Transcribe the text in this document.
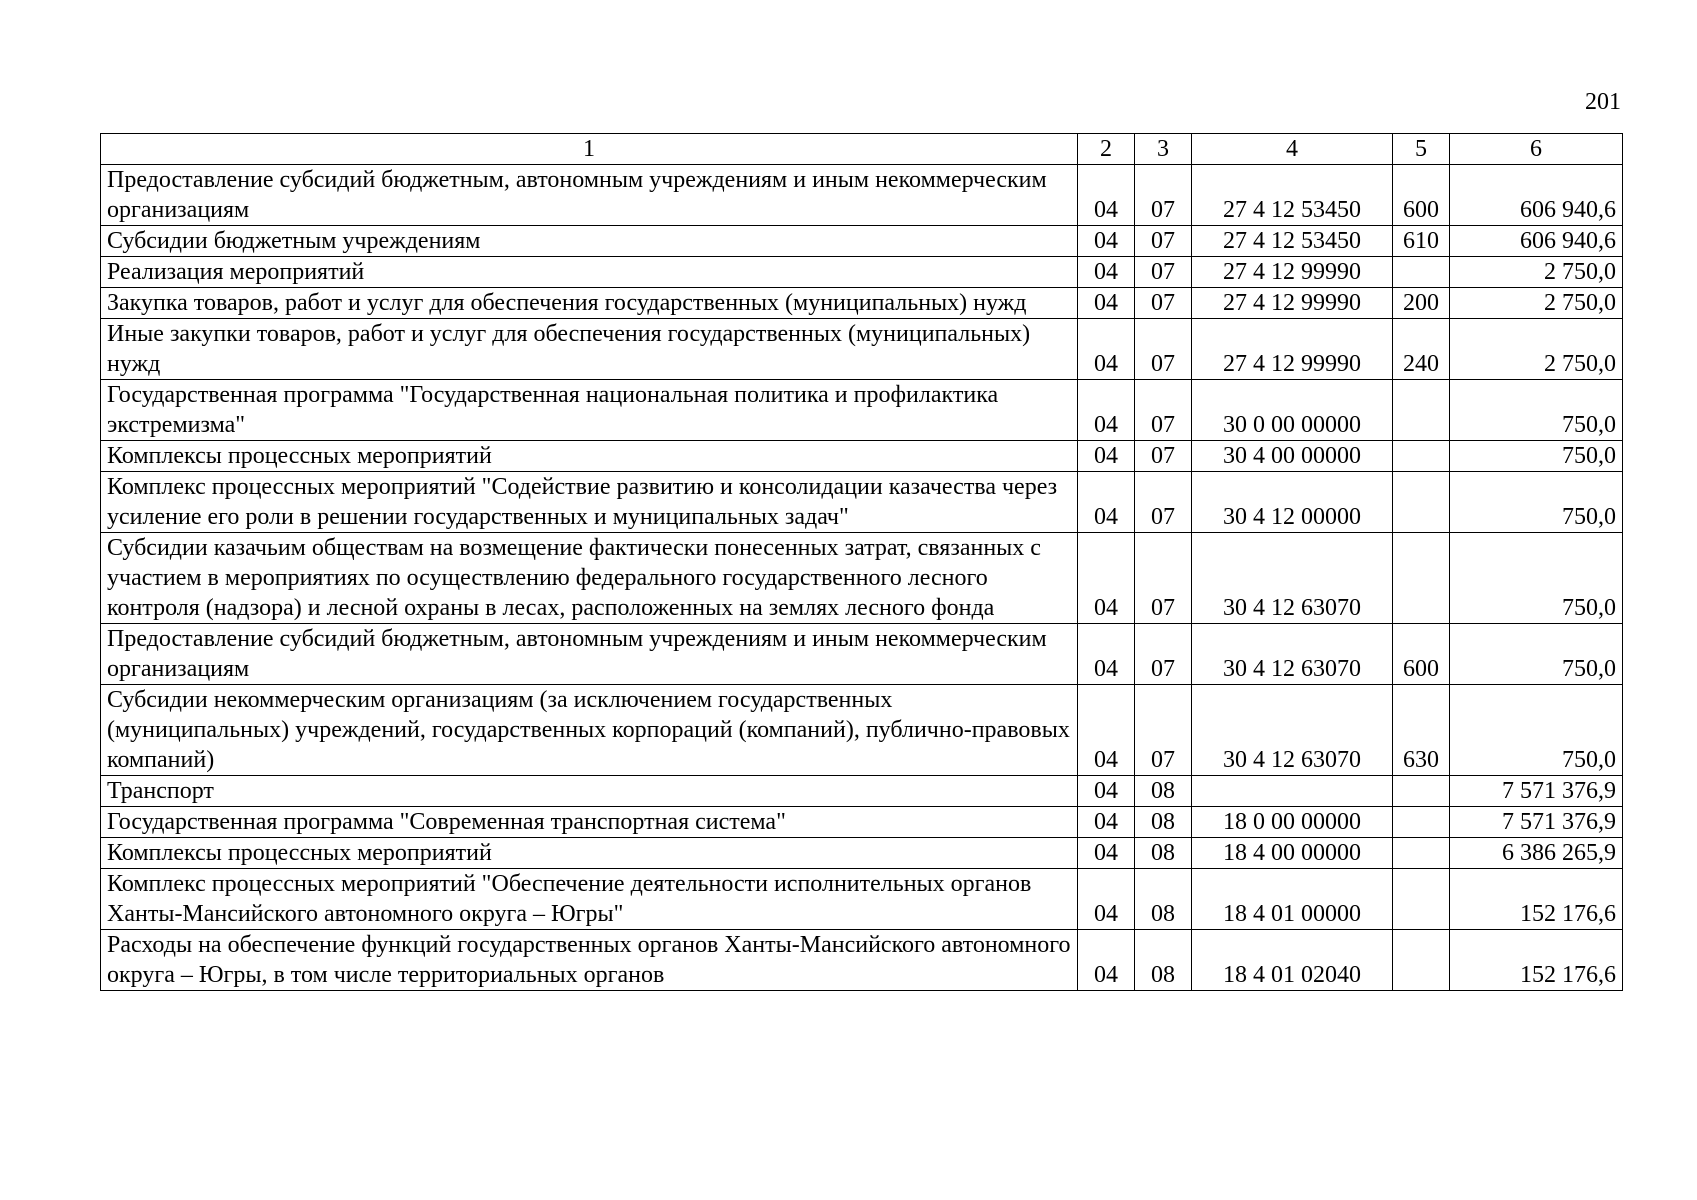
201
1	2	3	4	5	6
Предоставление субсидий бюджетным, автономным учреждениям и иным некоммерческим организациям	04	07	27 4 12 53450	600	606 940,6
Субсидии бюджетным учреждениям	04	07	27 4 12 53450	610	606 940,6
Реализация мероприятий	04	07	27 4 12 99990		2 750,0
Закупка товаров, работ и услуг для обеспечения государственных (муниципальных) нужд	04	07	27 4 12 99990	200	2 750,0
Иные закупки товаров, работ и услуг для обеспечения государственных (муниципальных) нужд	04	07	27 4 12 99990	240	2 750,0
Государственная программа "Государственная национальная политика и профилактика экстремизма"	04	07	30 0 00 00000		750,0
Комплексы процессных мероприятий	04	07	30 4 00 00000		750,0
Комплекс процессных мероприятий "Содействие развитию и консолидации казачества через усиление его роли в решении государственных и муниципальных задач"	04	07	30 4 12 00000		750,0
Субсидии казачьим обществам на возмещение фактически понесенных затрат, связанных с участием в мероприятиях по осуществлению федерального государственного лесного контроля (надзора) и лесной охраны в лесах, расположенных на землях лесного фонда	04	07	30 4 12 63070		750,0
Предоставление субсидий бюджетным, автономным учреждениям и иным некоммерческим организациям	04	07	30 4 12 63070	600	750,0
Субсидии некоммерческим организациям (за исключением государственных (муниципальных) учреждений, государственных корпораций (компаний), публично-правовых компаний)	04	07	30 4 12 63070	630	750,0
Транспорт	04	08			7 571 376,9
Государственная программа "Современная транспортная система"	04	08	18 0 00 00000		7 571 376,9
Комплексы процессных мероприятий	04	08	18 4 00 00000		6 386 265,9
Комплекс процессных мероприятий "Обеспечение деятельности исполнительных органов Ханты-Мансийского автономного округа – Югры"	04	08	18 4 01 00000		152 176,6
Расходы на обеспечение функций государственных органов Ханты-Мансийского автономного округа – Югры, в том числе территориальных органов	04	08	18 4 01 02040		152 176,6
